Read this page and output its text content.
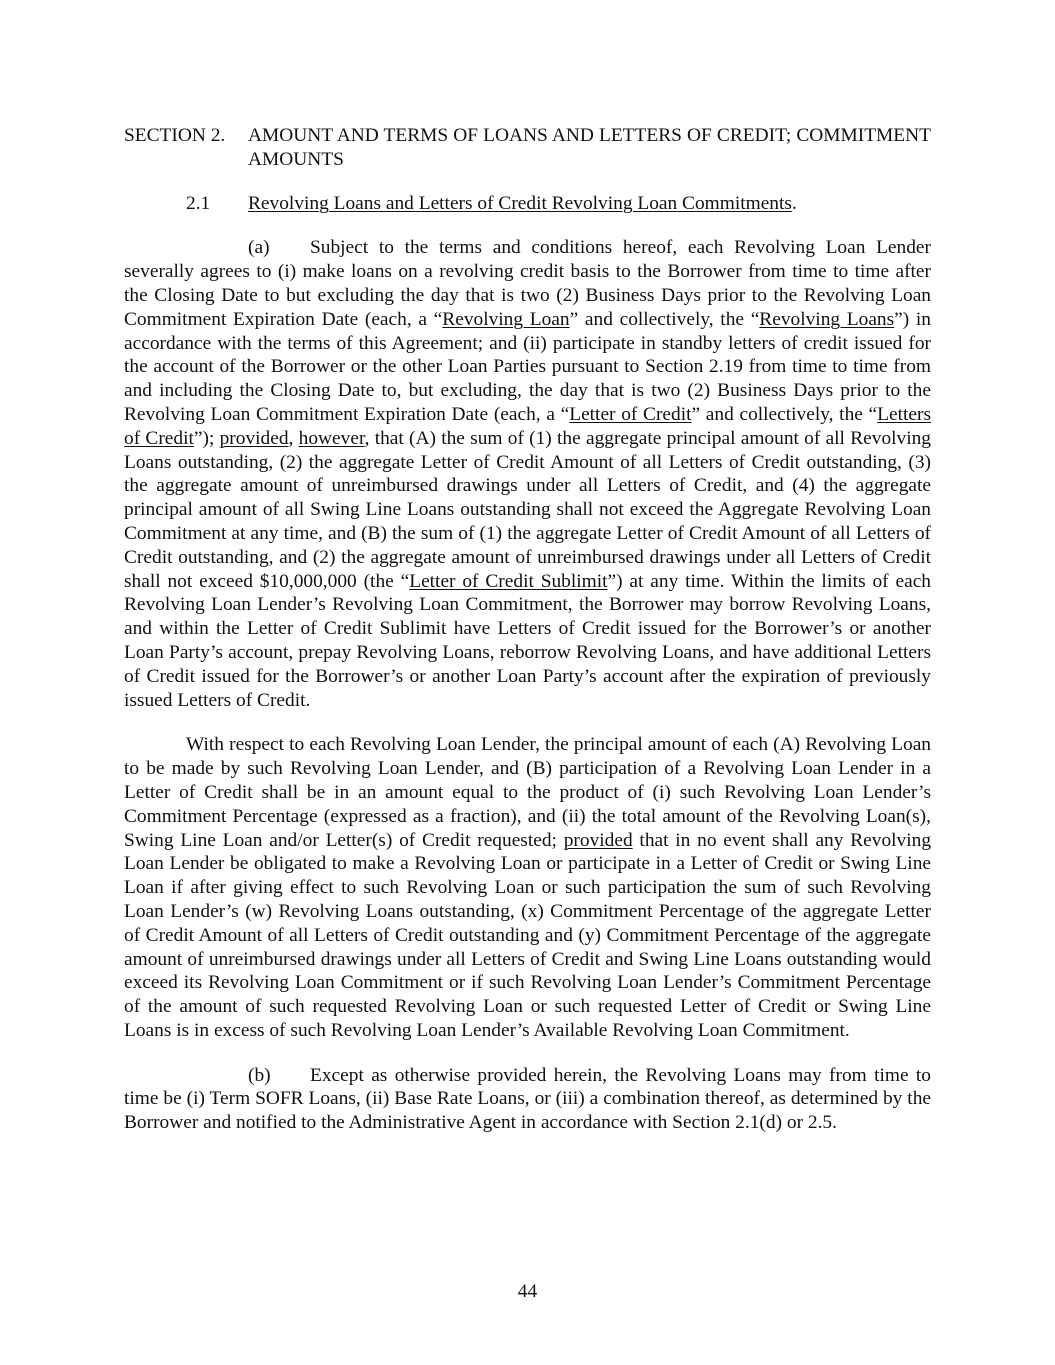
SECTION 2.	AMOUNT AND TERMS OF LOANS AND LETTERS OF CREDIT; COMMITMENT AMOUNTS
2.1	Revolving Loans and Letters of Credit Revolving Loan Commitments.

(a) Subject to the terms and conditions hereof, each Revolving Loan Lender severally agrees to (i) make loans on a revolving credit basis to the Borrower from time to time after the Closing Date to but excluding the day that is two (2) Business Days prior to the Revolving Loan Commitment Expiration Date (each, a “Revolving Loan” and collectively, the “Revolving Loans”) in accordance with the terms of this Agreement; and (ii) participate in standby letters of credit issued for the account of the Borrower or the other Loan Parties pursuant to Section 2.19 from time to time from and including the Closing Date to, but excluding, the day that is two (2) Business Days prior to the Revolving Loan Commitment Expiration Date (each, a “Letter of Credit” and collectively, the “Letters of Credit”); provided, however, that (A) the sum of (1) the aggregate principal amount of all Revolving Loans outstanding, (2) the aggregate Letter of Credit Amount of all Letters of Credit outstanding, (3) the aggregate amount of unreimbursed drawings under all Letters of Credit, and (4) the aggregate principal amount of all Swing Line Loans outstanding shall not exceed the Aggregate Revolving Loan Commitment at any time, and (B) the sum of (1) the aggregate Letter of Credit Amount of all Letters of Credit outstanding, and (2) the aggregate amount of unreimbursed drawings under all Letters of Credit shall not exceed $10,000,000 (the “Letter of Credit Sublimit”) at any time. Within the limits of each Revolving Loan Lender’s Revolving Loan Commitment, the Borrower may borrow Revolving Loans, and within the Letter of Credit Sublimit have Letters of Credit issued for the Borrower’s or another Loan Party’s account, prepay Revolving Loans, reborrow Revolving Loans, and have additional Letters of Credit issued for the Borrower’s or another Loan Party’s account after the expiration of previously issued Letters of Credit.

With respect to each Revolving Loan Lender, the principal amount of each (A) Revolving Loan to be made by such Revolving Loan Lender, and (B) participation of a Revolving Loan Lender in a Letter of Credit shall be in an amount equal to the product of (i) such Revolving Loan Lender’s Commitment Percentage (expressed as a fraction), and (ii) the total amount of the Revolving Loan(s), Swing Line Loan and/or Letter(s) of Credit requested; provided that in no event shall any Revolving Loan Lender be obligated to make a Revolving Loan or participate in a Letter of Credit or Swing Line Loan if after giving effect to such Revolving Loan or such participation the sum of such Revolving Loan Lender’s (w) Revolving Loans outstanding, (x) Commitment Percentage of the aggregate Letter of Credit Amount of all Letters of Credit outstanding and (y) Commitment Percentage of the aggregate amount of unreimbursed drawings under all Letters of Credit and Swing Line Loans outstanding would exceed its Revolving Loan Commitment or if such Revolving Loan Lender’s Commitment Percentage of the amount of such requested Revolving Loan or such requested Letter of Credit or Swing Line Loans is in excess of such Revolving Loan Lender’s Available Revolving Loan Commitment.

(b) Except as otherwise provided herein, the Revolving Loans may from time to time be (i) Term SOFR Loans, (ii) Base Rate Loans, or (iii) a combination thereof, as determined by the Borrower and notified to the Administrative Agent in accordance with Section 2.1(d) or 2.5.

44
